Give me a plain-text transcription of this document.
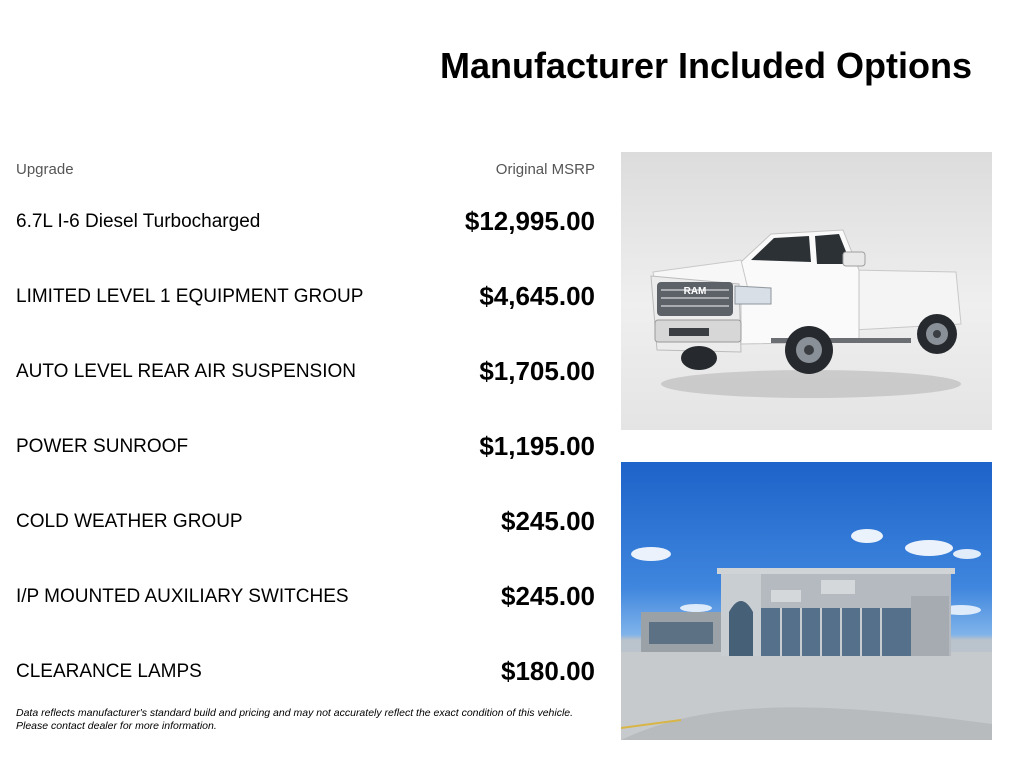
Manufacturer Included Options
Upgrade	Original MSRP
6.7L I-6 Diesel Turbocharged	$12,995.00
LIMITED LEVEL 1 EQUIPMENT GROUP	$4,645.00
AUTO LEVEL REAR AIR SUSPENSION	$1,705.00
POWER SUNROOF	$1,195.00
COLD WEATHER GROUP	$245.00
I/P MOUNTED AUXILIARY SWITCHES	$245.00
CLEARANCE LAMPS	$180.00
Data reflects manufacturer's standard build and pricing and may not accurately reflect the exact condition of this vehicle.
Please contact dealer for more information.
RAM
